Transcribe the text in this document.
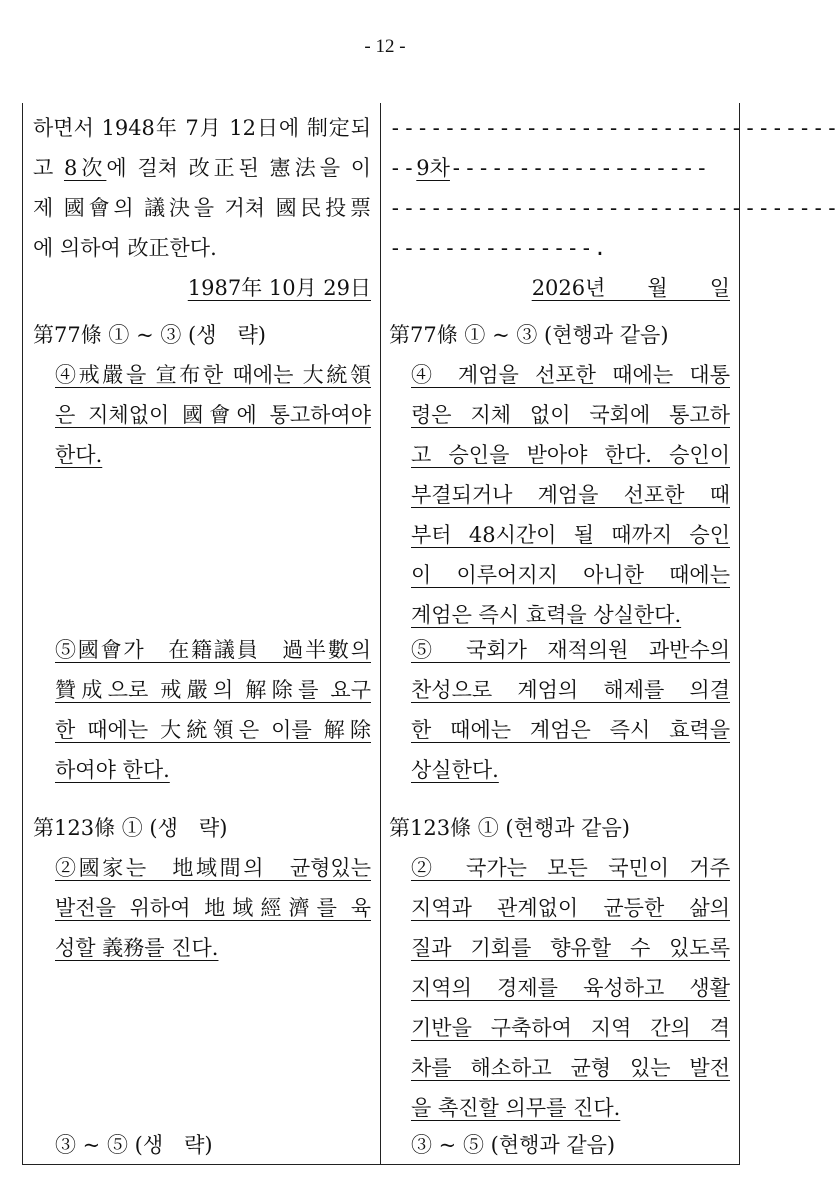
- 12 -
하면서 1948年 7月 12日에 制定되
고 8次에 걸쳐 改正된 憲法을 이
제 國會의 議決을 거쳐 國民投票
에 의하여 改正한다.
1987年 10月 29日
第77條 ① ~ ③ (생　략)
④戒嚴을 宣布한 때에는 大統領
은 지체없이 國會에 통고하여야
한다.
⑤國會가　在籍議員　過半數의
贊成으로 戒嚴의 解除를 요구
한 때에는 大統領은 이를 解除
하여야 한다.
第123條 ① (생　략)
②國家는　地域間의　균형있는
발전을 위하여 地域經濟를 육
성할 義務를 진다.
③ ~ ⑤ (생　략)
---------------------------------
--9차-------------------
---------------------------------
---------------.
2026년　　월　　일
第77條 ① ~ ③ (현행과 같음)
④ 계엄을 선포한 때에는 대통
령은 지체 없이 국회에 통고하
고 승인을 받아야 한다. 승인이
부결되거나 계엄을 선포한 때
부터 48시간이 될 때까지 승인
이 이루어지지 아니한 때에는
계엄은 즉시 효력을 상실한다.
⑤ 국회가 재적의원 과반수의
찬성으로 계엄의 해제를 의결
한 때에는 계엄은 즉시 효력을
상실한다.
第123條 ① (현행과 같음)
② 국가는 모든 국민이 거주
지역과 관계없이 균등한 삶의
질과 기회를 향유할 수 있도록
지역의 경제를 육성하고 생활
기반을 구축하여 지역 간의 격
차를 해소하고 균형 있는 발전
을 촉진할 의무를 진다.
③ ~ ⑤ (현행과 같음)
